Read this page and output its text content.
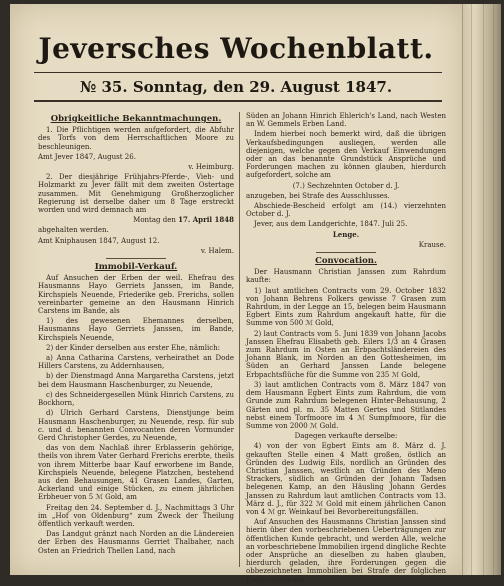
Jeversches Wochenblatt.
№ 35. Sonntag, den 29. August 1847.
Obrigkeitliche Bekanntmachungen.

1. Die Pflichtigen werden aufgefordert, die Abfuhr des Torfs von dem Herrschaftlichen Moore zu beschleunigen.

Amt Jever 1847, August 26.

v. Heimburg.

2. Der diesjährige Frühjahrs-Pferde-, Vieh- und Holzmarkt zu Jever fällt mit dem zweiten Ostertage zusammen. Mit Genehmigung Großherzoglicher Regierung ist derselbe daher um 8 Tage erstreckt worden und wird demnach am

Montag den 17. April 1848

abgehalten werden.

Amt Kniphausen 1847, August 12.

v. Halem.

Immobil-Verkauf.

Auf Ansuchen der Erben der weil. Ehefrau des Hausmanns Hayo Gerriets Janssen, im Bande, Kirchspiels Neuende, Friederike geb. Frerichs, sollen vereinbarter gemeine an den Hausmann Hinrich Carstens im Bande, als

1) des gewesenen Ehemannes derselben, Hausmanns Hayo Gerriets Janssen, im Bande, Kirchspiels Neuende,

2) der Kinder derselben aus erster Ehe, nämlich:

a) Anna Catharina Carstens, verheirathet an Dode Hillers Carstens, zu Addernhausen,

b) der Dienstmagd Anna Margaretha Carstens, jetzt bei dem Hausmann Haschenburger, zu Neuende,

c) des Schneidergesellen Münk Hinrich Carstens, zu Bockhorn,

d) Ulrich Gerhard Carstens, Dienstjunge beim Hausmann Haschenburger, zu Neuende, resp. für sub c. und d. benannten Convocanten deren Vormunder Gerd Christopher Gerdes, zu Neuende,

das von dem Nachlaß ihrer Erblasserin gehörige, theils von ihrem Vater Gerhard Frerichs ererbte, theils von ihrem Mitterbe baar Kauf erworbene im Bande, Kirchspiels Neuende, belegene Platzchen, bestehend aus den Behausungen, 41 Grasen Landes, Garten, Ackerland und einige Stücken, zu einem jährlichen Erbheuer von 5 ℳ Gold, am

Freitag den 24. September d. J., Nachmittags 3 Uhr im „Hof von Oldenburg“ zum Zweck der Theilung öffentlich verkauft werden.

Das Landgut gränzt nach Norden an die Ländereien der Erben des Hausmanns Gerriet Thalbaher, nach Osten an Friedrich Thellen Land, nach

Süden an Johann Hinrich Ehlerich's Land, nach Westen an W. Gemmels Erben Land.

Indem hierbei noch bemerkt wird, daß die übrigen Verkaufsbedingungen ausliegen, werden alle diejenigen, welche gegen den Verkauf Einwendungen oder an das benannte Grundstück Ansprüche und Forderungen machen zu können glauben, hierdurch aufgefordert, solche am

(7.) Sechzehnten October d. J.

anzugeben, bei Strafe des Ausschlusses.

Abschiede-Bescheid erfolgt am (14.) vierzehnten October d. J.

Jever, aus dem Landgerichte, 1847. Juli 25.

Lenge.

Krause.

Convocation.

Der Hausmann Christian Janssen zum Rahrdum kaufte:

1) laut amtlichen Contracts vom 29. October 1832 von Johann Behrens Folkers gewisse 7 Grasen zum Rahrdum, in der Legge an 15, belegen beim Hausmann Egbert Eints zum Rahrdum angekauft hatte, für die Summe von 500 ℳ Gold,

2) laut Contracts vom 5. Juni 1839 von Johann Jacobs Janssen Ehefrau Elisabeth geb. Eilers 1/3 an 4 Grasen zum Rahrdum in Osten an Erbpachtsländereien des Johann Blank, im Norden an den Gottesheimen, im Süden an Gerhard Janssen Lande belegene Erbpachtsflüche für die Summe von 235 ℳ Gold,

3) laut amtlichen Contracts vom 8. März 1847 von dem Hausmann Egbert Eints zum Rahrdum, die vom Grunde zum Rahrdum belegenen Hinter-Behausung, 2 Gärten und pl. m. 35 Matten Gertes und Stitlandes nebst einem Torfmoore im 4 ℳ Sumpfmoore, für die Summe von 2000 ℳ Gold.

Dagegen verkaufte derselbe:

4) von der von Egbert Eints am 8. März d. J. gekauften Stelle einen 4 Matt großen, östlich an Gründen des Ludwig Eils, nordlich an Gründen des Christian Janssen, westlich an Gründen des Meno Strackers, südlich an Gründen der Johann Tadsen belegenen Kamp, an den Häusling Johann Gerdes Janssen zu Rahrdum laut amtlichen Contracts vom 13. März d. J., für 322 ℳ Gold mit einem jährlichen Canon von 4 ℳ gr. Weinkauf bei Bevorbereitungsfällen.

Auf Ansuchen des Hausmanns Christian Janssen sind hierin über den vorbeschriebenen Ueberträgungen zur öffentlichen Kunde gebracht, und werden Alle, welche an vorbeschriebene Immobilien irgend dingliche Rechte oder Ansprüche an dieselben zu haben glauben, hierdurch geladen, ihre Forderungen gegen die obbezeichneten Immobilien bei Strafe der folglichen Ueberträgungen
